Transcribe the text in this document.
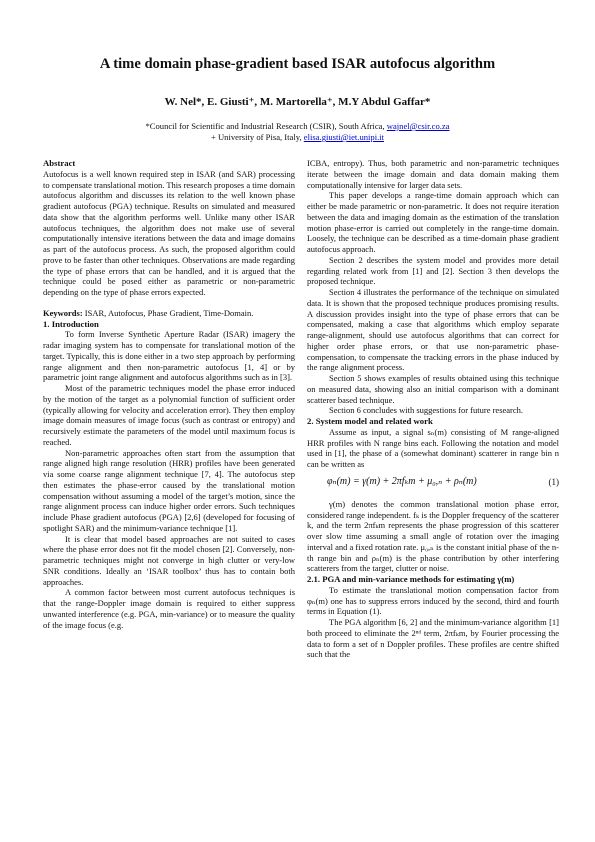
A time domain phase-gradient based ISAR autofocus algorithm
W. Nel*, E. Giusti⁺, M. Martorella⁺, M.Y Abdul Gaffar*
*Council for Scientific and Industrial Research (CSIR), South Africa, wajnel@csir.co.za
+ University of Pisa, Italy, elisa.giusti@iet.unipi.it

Abstract

Autofocus is a well known required step in ISAR (and SAR) processing to compensate translational motion. This research proposes a time domain autofocus algorithm and discusses its relation to the well known phase gradient autofocus (PGA) technique. Results on simulated and measured data show that the algorithm performs well. Unlike many other ISAR autofocus techniques, the algorithm does not make use of several computationally intensive iterations between the data and image domains as part of the autofocus process. As such, the proposed algorithm could prove to be faster than other techniques. Observations are made regarding the type of phase errors that can be handled, and it is argued that the technique could be posed either as parametric or non-parametric depending on the type of phase errors expected.

Keywords: ISAR, Autofocus, Phase Gradient, Time-Domain.

1. Introduction

To form Inverse Synthetic Aperture Radar (ISAR) imagery the radar imaging system has to compensate for translational motion of the target. Typically, this is done either in a two step approach by performing range alignment and then non-parametric autofocus [1, 4] or by parametric joint range alignment and autofocus algorithms such as in [3].

Most of the parametric techniques model the phase error induced by the motion of the target as a polynomial function of sufficient order (typically allowing for velocity and acceleration error). They then employ image domain measures of image focus (such as contrast or entropy) and recursively estimate the parameters of the model until maximum focus is reached.

Non-parametric approaches often start from the assumption that range aligned high range resolution (HRR) profiles have been generated via some coarse range alignment technique [7, 4]. The autofocus step then estimates the phase-error caused by the translational motion compensation without assuming a model of the target’s motion, since the range alignment process can induce higher order errors. Such techniques include Phase gradient autofocus (PGA) [2,6] (developed for focusing of spotlight SAR) and the minimum-variance technique [1].

It is clear that model based approaches are not suited to cases where the phase error does not fit the model chosen [2]. Conversely, non-parametric techniques might not converge in high clutter or very-low SNR conditions. Ideally an ‘ISAR toolbox’ thus has to contain both approaches.

A common factor between most current autofocus techniques is that the range-Doppler image domain is required to either suppress unwanted interference (e.g. PGA, min-variance) or to measure the quality of the image focus (e.g.

ICBA, entropy). Thus, both parametric and non-parametric techniques iterate between the image domain and data domain making them computationally intensive for larger data sets.

This paper develops a range-time domain approach which can either be made parametric or non-parametric. It does not require iteration between the data and imaging domain as the estimation of the translation motion phase-error is carried out completely in the range-time domain. Loosely, the technique can be described as a time-domain phase gradient autofocus approach.

Section 2 describes the system model and provides more detail regarding related work from [1] and [2]. Section 3 then develops the proposed technique.

Section 4 illustrates the performance of the technique on simulated data. It is shown that the proposed technique produces promising results. A discussion provides insight into the type of phase errors that can be compensated, making a case that algorithms which employ separate range-alignment, should use autofocus algorithms that can correct for higher order phase errors, or that use non-parametric phase-compensation, to compensate the tracking errors in the phase induced by the range alignment process.

Section 5 shows examples of results obtained using this technique on measured data, showing also an initial comparison with a dominant scatterer based technique.

Section 6 concludes with suggestions for future research.

2. System model and related work

Assume as input, a signal sₙ(m) consisting of M range-aligned HRR profiles with N range bins each. Following the notation and model used in [1], the phase of a (somewhat dominant) scatterer in range bin n can be written as

φₙ(m) = γ(m) + 2πfₖm + μ₀,ₙ + ρₙ(m)	(1)

γ(m) denotes the common translational motion phase error, considered range independent. fₖ is the Doppler frequency of the scatterer k, and the term 2πfₖm represents the phase progression of this scatterer over slow time assuming a small angle of rotation over the imaging interval and a fixed rotation rate. μ₀,ₙ is the constant initial phase of the n-th range bin and ρₙ(m) is the phase contribution by other interfering scatterers from the target, clutter or noise.

2.1. PGA and min-variance methods for estimating γ(m)

To estimate the translational motion compensation factor from φₙ(m) one has to suppress errors induced by the second, third and fourth terms in Equation (1).

The PGA algorithm [6, 2] and the minimum-variance algorithm [1] both proceed to eliminate the 2ⁿᵈ term, 2πfₖm, by Fourier processing the data to form a set of n Doppler profiles. These profiles are centre shifted such that the
